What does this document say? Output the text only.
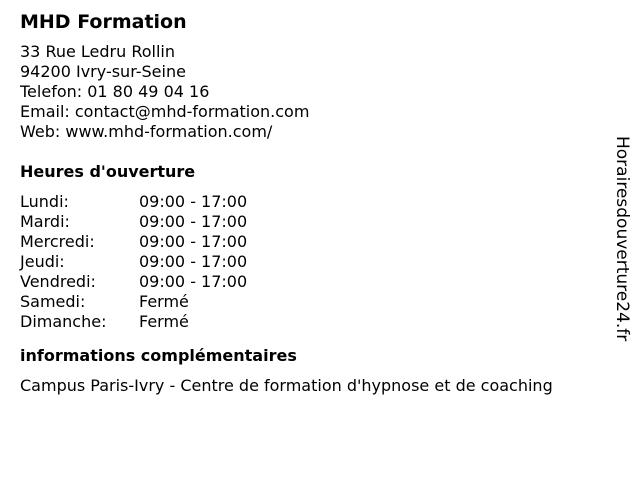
MHD Formation
33 Rue Ledru Rollin
94200 Ivry-sur-Seine
Telefon: 01 80 49 04 16
Email: contact@mhd-formation.com
Web: www.mhd-formation.com/
Heures d'ouverture
Lundi:	09:00 - 17:00
Mardi:	09:00 - 17:00
Mercredi:	09:00 - 17:00
Jeudi:	09:00 - 17:00
Vendredi:	09:00 - 17:00
Samedi:	Fermé
Dimanche:	Fermé
informations complémentaires
Campus Paris-Ivry - Centre de formation d'hypnose et de coaching
Horairesdouverture24.fr
